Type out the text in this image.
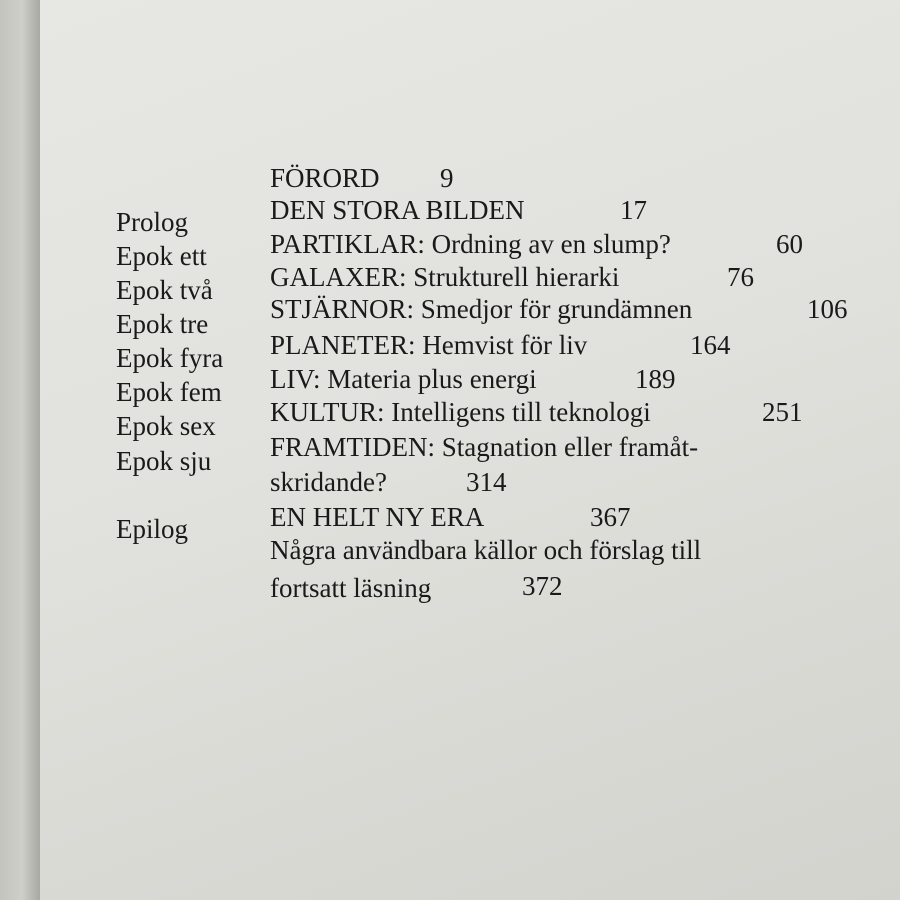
FÖRORD 9
Prolog	DEN STORA BILDEN	17
Epok ett PARTIKLAR: Ordning av en slump?	60
Epok två GALAXER: Strukturell hierarki	76
Epok tre STJÄRNOR: Smedjor för grundämnen	106
Epok fyra PLANETER: Hemvist för liv	164
Epok fem LIV: Materia plus energi	189
Epok sex KULTUR: Intelligens till teknologi	251
Epok sju FRAMTIDEN: Stagnation eller framåt-
skridande?	314
Epilog	EN HELT NY ERA	367
Några användbara källor och förslag till
fortsatt läsning	372
